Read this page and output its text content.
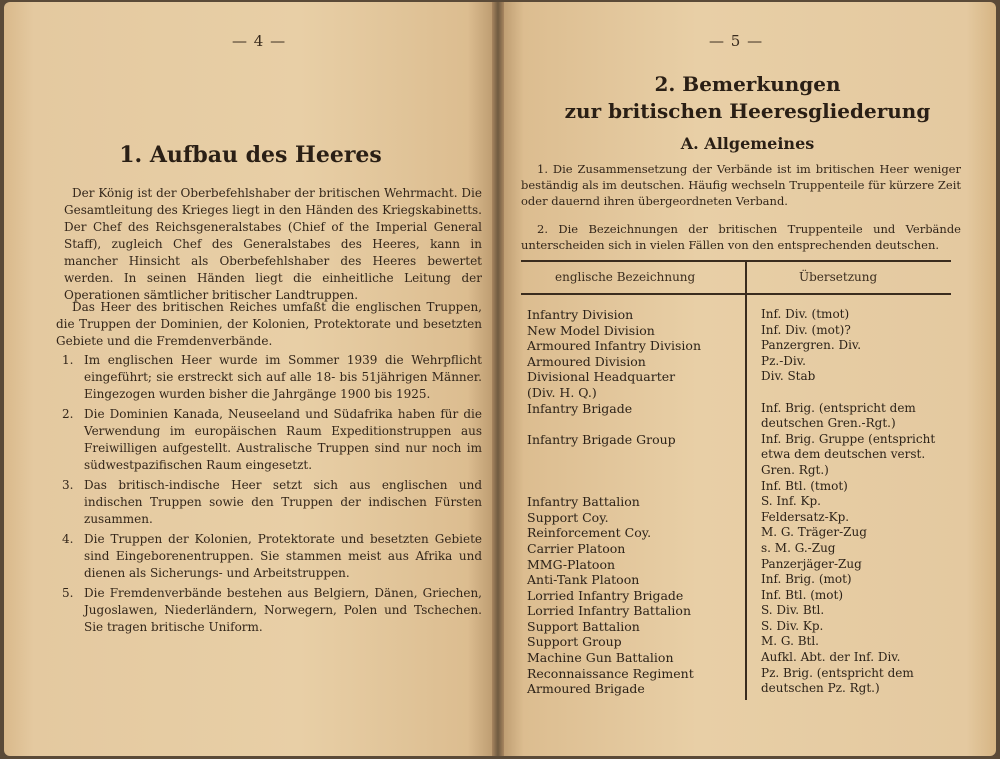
— 4 —
1. Aufbau des Heeres
Der König ist der Oberbefehlshaber der britischen Wehrmacht. Die Gesamtleitung des Krieges liegt in den Händen des Kriegskabinetts. Der Chef des Reichsgeneralstabes (Chief of the Imperial General Staff), zugleich Chef des Generalstabes des Heeres, kann in mancher Hinsicht als Oberbefehlshaber des Heeres bewertet werden. In seinen Händen liegt die einheitliche Leitung der Operationen sämtlicher britischer Landtruppen.
Das Heer des britischen Reiches umfaßt die englischen Truppen, die Truppen der Dominien, der Kolonien, Protektorate und besetzten Gebiete und die Fremdenverbände.
1. Im englischen Heer wurde im Sommer 1939 die Wehrpflicht eingeführt; sie erstreckt sich auf alle 18- bis 51jährigen Männer. Eingezogen wurden bisher die Jahrgänge 1900 bis 1925.
2. Die Dominien Kanada, Neuseeland und Südafrika haben für die Verwendung im europäischen Raum Expeditionstruppen aus Freiwilligen aufgestellt. Australische Truppen sind nur noch im südwestpazifischen Raum eingesetzt.
3. Das britisch-indische Heer setzt sich aus englischen und indischen Truppen sowie den Truppen der indischen Fürsten zusammen.
4. Die Truppen der Kolonien, Protektorate und besetzten Gebiete sind Eingeborenentruppen. Sie stammen meist aus Afrika und dienen als Sicherungs- und Arbeitstruppen.
5. Die Fremdenverbände bestehen aus Belgiern, Dänen, Griechen, Jugoslawen, Niederländern, Norwegern, Polen und Tschechen. Sie tragen britische Uniform.
— 5 —
2. Bemerkungen
zur britischen Heeresgliederung
A. Allgemeines
1. Die Zusammensetzung der Verbände ist im britischen Heer weniger beständig als im deutschen. Häufig wechseln Truppenteile für kürzere Zeit oder dauernd ihren übergeordneten Verband.
2. Die Bezeichnungen der britischen Truppenteile und Verbände unterscheiden sich in vielen Fällen von den entsprechenden deutschen.
englische Bezeichnung	Übersetzung
Infantry Division
New Model Division
Armoured Infantry Division
Armoured Division
Divisional Headquarter
(Div. H. Q.)
Infantry Brigade

Infantry Brigade Group

Infantry Battalion
Support Coy.
Reinforcement Coy.
Carrier Platoon
MMG-Platoon
Anti-Tank Platoon
Lorried Infantry Brigade
Lorried Infantry Battalion
Support Battalion
Support Group
Machine Gun Battalion
Reconnaissance Regiment
Armoured Brigade
Inf. Div. (tmot)
Inf. Div. (mot)?
Panzergren. Div.
Pz.-Div.
Div. Stab

Inf. Brig. (entspricht dem
deutschen Gren.-Rgt.)
Inf. Brig. Gruppe (entspricht
etwa dem deutschen verst.
Gren. Rgt.)
Inf. Btl. (tmot)
S. Inf. Kp.
Feldersatz-Kp.
M. G. Träger-Zug
s. M. G.-Zug
Panzerjäger-Zug
Inf. Brig. (mot)
Inf. Btl. (mot)
S. Div. Btl.
S. Div. Kp.
M. G. Btl.
Aufkl. Abt. der Inf. Div.
Pz. Brig. (entspricht dem
deutschen Pz. Rgt.)
